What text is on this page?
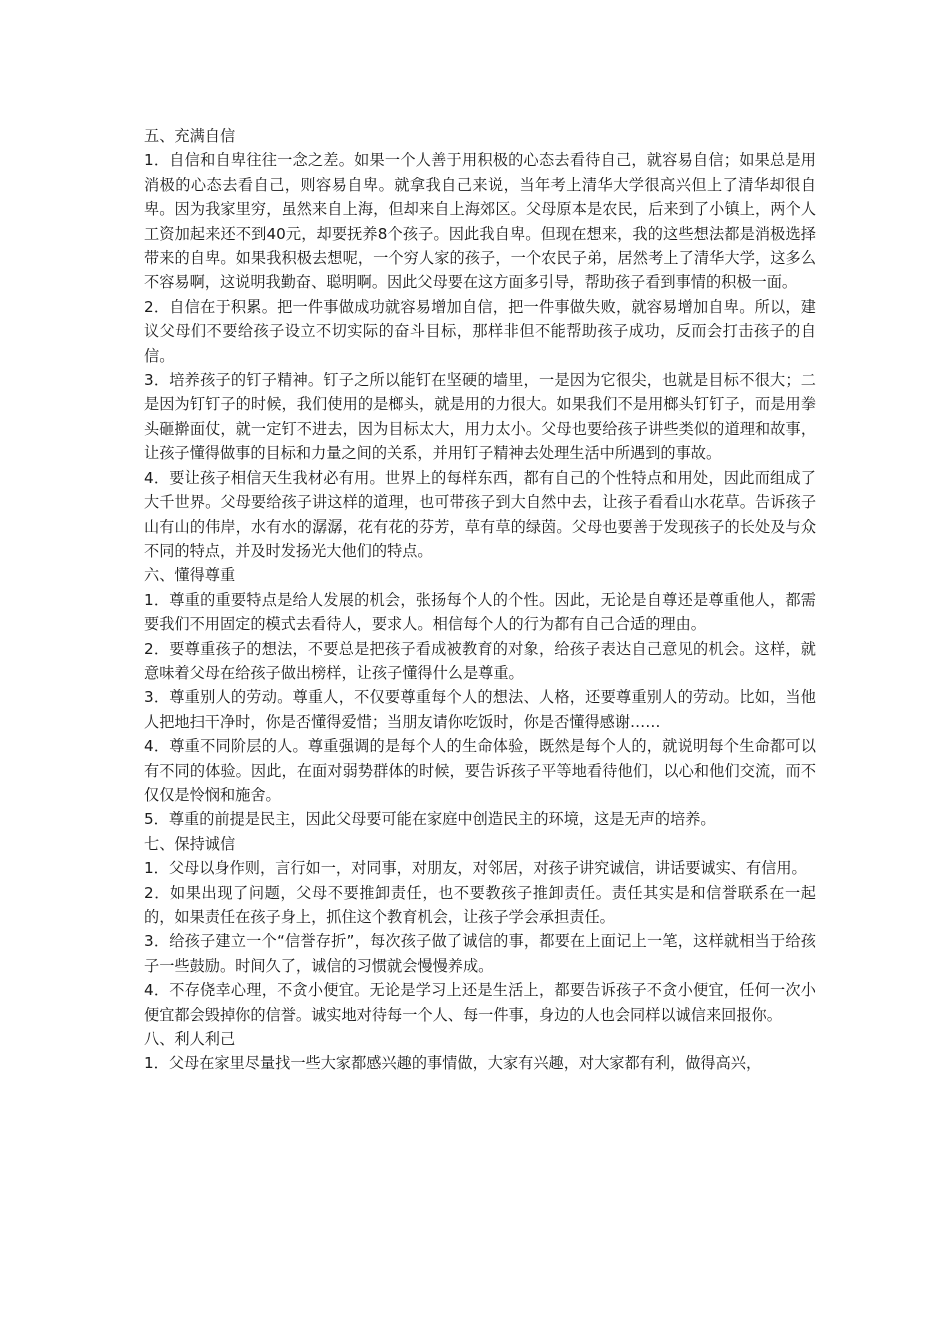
五、充满自信

1．自信和自卑往往一念之差。如果一个人善于用积极的心态去看待自己，就容易自信；如果总是用消极的心态去看自己，则容易自卑。就拿我自己来说，当年考上清华大学很高兴但上了清华却很自卑。因为我家里穷，虽然来自上海，但却来自上海郊区。父母原本是农民，后来到了小镇上，两个人工资加起来还不到40元，却要抚养8个孩子。因此我自卑。但现在想来，我的这些想法都是消极选择带来的自卑。如果我积极去想呢，一个穷人家的孩子，一个农民子弟，居然考上了清华大学，这多么不容易啊，这说明我勤奋、聪明啊。因此父母要在这方面多引导，帮助孩子看到事情的积极一面。

2．自信在于积累。把一件事做成功就容易增加自信，把一件事做失败，就容易增加自卑。所以，建议父母们不要给孩子设立不切实际的奋斗目标，那样非但不能帮助孩子成功，反而会打击孩子的自信。

3．培养孩子的钉子精神。钉子之所以能钉在坚硬的墙里，一是因为它很尖，也就是目标不很大；二是因为钉钉子的时候，我们使用的是榔头，就是用的力很大。如果我们不是用榔头钉钉子，而是用拳头砸擀面仗，就一定钉不进去，因为目标太大，用力太小。父母也要给孩子讲些类似的道理和故事，让孩子懂得做事的目标和力量之间的关系，并用钉子精神去处理生活中所遇到的事故。

4．要让孩子相信天生我材必有用。世界上的每样东西，都有自己的个性特点和用处，因此而组成了大千世界。父母要给孩子讲这样的道理，也可带孩子到大自然中去，让孩子看看山水花草。告诉孩子山有山的伟岸，水有水的潺潺，花有花的芬芳，草有草的绿茵。父母也要善于发现孩子的长处及与众不同的特点，并及时发扬光大他们的特点。

六、懂得尊重

1．尊重的重要特点是给人发展的机会，张扬每个人的个性。因此，无论是自尊还是尊重他人，都需要我们不用固定的模式去看待人，要求人。相信每个人的行为都有自己合适的理由。

2．要尊重孩子的想法，不要总是把孩子看成被教育的对象，给孩子表达自己意见的机会。这样，就意味着父母在给孩子做出榜样，让孩子懂得什么是尊重。

3．尊重别人的劳动。尊重人，不仅要尊重每个人的想法、人格，还要尊重别人的劳动。比如，当他人把地扫干净时，你是否懂得爱惜；当朋友请你吃饭时，你是否懂得感谢……

4．尊重不同阶层的人。尊重强调的是每个人的生命体验，既然是每个人的，就说明每个生命都可以有不同的体验。因此，在面对弱势群体的时候，要告诉孩子平等地看待他们，以心和他们交流，而不仅仅是怜悯和施舍。

5．尊重的前提是民主，因此父母要可能在家庭中创造民主的环境，这是无声的培养。

七、保持诚信

1．父母以身作则，言行如一，对同事，对朋友，对邻居，对孩子讲究诚信，讲话要诚实、有信用。

2．如果出现了问题，父母不要推卸责任，也不要教孩子推卸责任。责任其实是和信誉联系在一起的，如果责任在孩子身上，抓住这个教育机会，让孩子学会承担责任。

3．给孩子建立一个“信誉存折”，每次孩子做了诚信的事，都要在上面记上一笔，这样就相当于给孩子一些鼓励。时间久了，诚信的习惯就会慢慢养成。

4．不存侥幸心理，不贪小便宜。无论是学习上还是生活上，都要告诉孩子不贪小便宜，任何一次小便宜都会毁掉你的信誉。诚实地对待每一个人、每一件事，身边的人也会同样以诚信来回报你。

八、利人利己

1．父母在家里尽量找一些大家都感兴趣的事情做，大家有兴趣，对大家都有利，做得高兴，
